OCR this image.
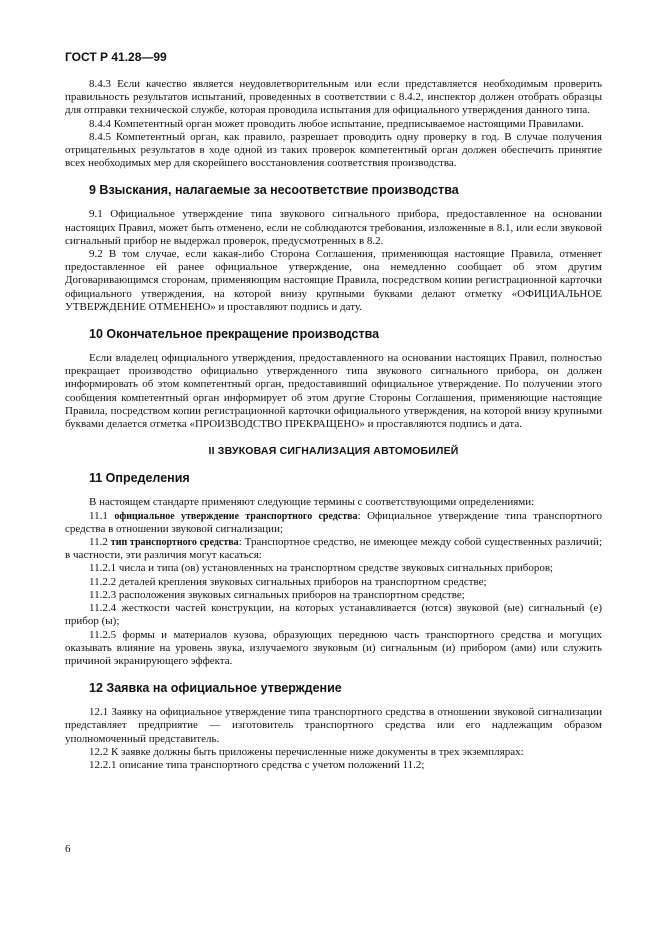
ГОСТ Р 41.28—99

8.4.3 Если качество является неудовлетворительным или если представляется необходимым проверить правильность результатов испытаний, проведенных в соответствии с 8.4.2, инспектор должен отобрать образцы для отправки технической службе, которая проводила испытания для официального утверждения данного типа.

8.4.4 Компетентный орган может проводить любое испытание, предписываемое настоящими Правилами.

8.4.5 Компетентный орган, как правило, разрешает проводить одну проверку в год. В случае получения отрицательных результатов в ходе одной из таких проверок компетентный орган должен обеспечить принятие всех необходимых мер для скорейшего восстановления соответствия производства.

9 Взыскания, налагаемые за несоответствие производства

9.1 Официальное утверждение типа звукового сигнального прибора, предоставленное на основании настоящих Правил, может быть отменено, если не соблюдаются требования, изложенные в 8.1, или если звуковой сигнальный прибор не выдержал проверок, предусмотренных в 8.2.

9.2 В том случае, если какая-либо Сторона Соглашения, применяющая настоящие Правила, отменяет предоставленное ей ранее официальное утверждение, она немедленно сообщает об этом другим Договаривающимся сторонам, применяющим настоящие Правила, посредством копии регистрационной карточки официального утверждения, на которой внизу крупными буквами делают отметку «ОФИЦИАЛЬНОЕ УТВЕРЖДЕНИЕ ОТМЕНЕНО» и проставляют подпись и дату.

10 Окончательное прекращение производства

Если владелец официального утверждения, предоставленного на основании настоящих Правил, полностью прекращает производство официально утвержденного типа звукового сигнального прибора, он должен информировать об этом компетентный орган, предоставивший официальное утверждение. По получении этого сообщения компетентный орган информирует об этом другие Стороны Соглашения, применяющие настоящие Правила, посредством копии регистрационной карточки официального утверждения, на которой внизу крупными буквами делается отметка «ПРОИЗВОДСТВО ПРЕКРАЩЕНО» и проставляются подпись и дата.

II ЗВУКОВАЯ СИГНАЛИЗАЦИЯ АВТОМОБИЛЕЙ
11 Определения

В настоящем стандарте применяют следующие термины с соответствующими определениями:

11.1 официальное утверждение транспортного средства: Официальное утверждение типа транспортного средства в отношении звуковой сигнализации;

11.2 тип транспортного средства: Транспортное средство, не имеющее между собой существенных различий; в частности, эти различия могут касаться:

11.2.1 числа и типа (ов) установленных на транспортном средстве звуковых сигнальных приборов;

11.2.2 деталей крепления звуковых сигнальных приборов на транспортном средстве;

11.2.3 расположения звуковых сигнальных приборов на транспортном средстве;

11.2.4 жесткости частей конструкции, на которых устанавливается (ются) звуковой (ые) сигнальный (е) прибор (ы);

11.2.5 формы и материалов кузова, образующих переднюю часть транспортного средства и могущих оказывать влияние на уровень звука, излучаемого звуковым (и) сигнальным (и) прибором (ами) или служить причиной экранирующего эффекта.

12 Заявка на официальное утверждение

12.1 Заявку на официальное утверждение типа транспортного средства в отношении звуковой сигнализации представляет предприятие — изготовитель транспортного средства или его надлежащим образом уполномоченный представитель.

12.2 К заявке должны быть приложены перечисленные ниже документы в трех экземплярах:

12.2.1 описание типа транспортного средства с учетом положений 11.2;

6
